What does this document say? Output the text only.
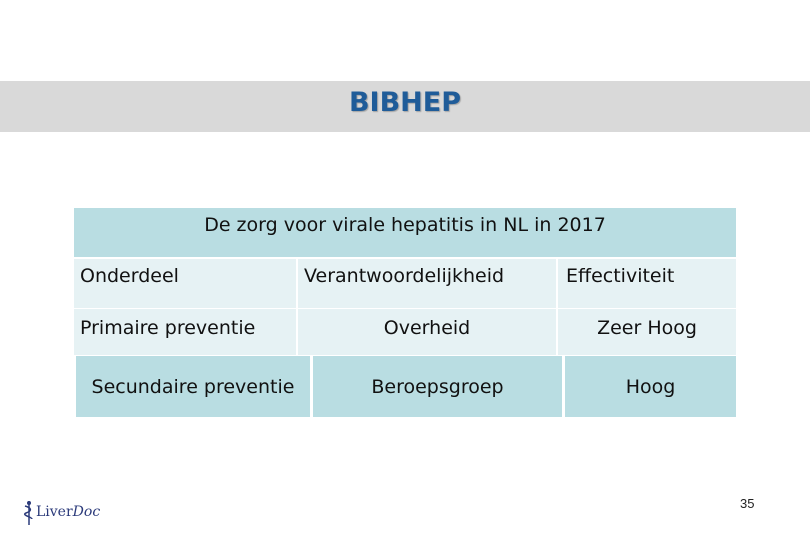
BIBHEP
De zorg voor virale hepatitis in NL in 2017
Onderdeel	Verantwoordelijkheid	Effectiviteit
Primaire preventie	Overheid	Zeer Hoog
Secundaire preventie	Beroepsgroep	Hoog
LiverDoc
35
